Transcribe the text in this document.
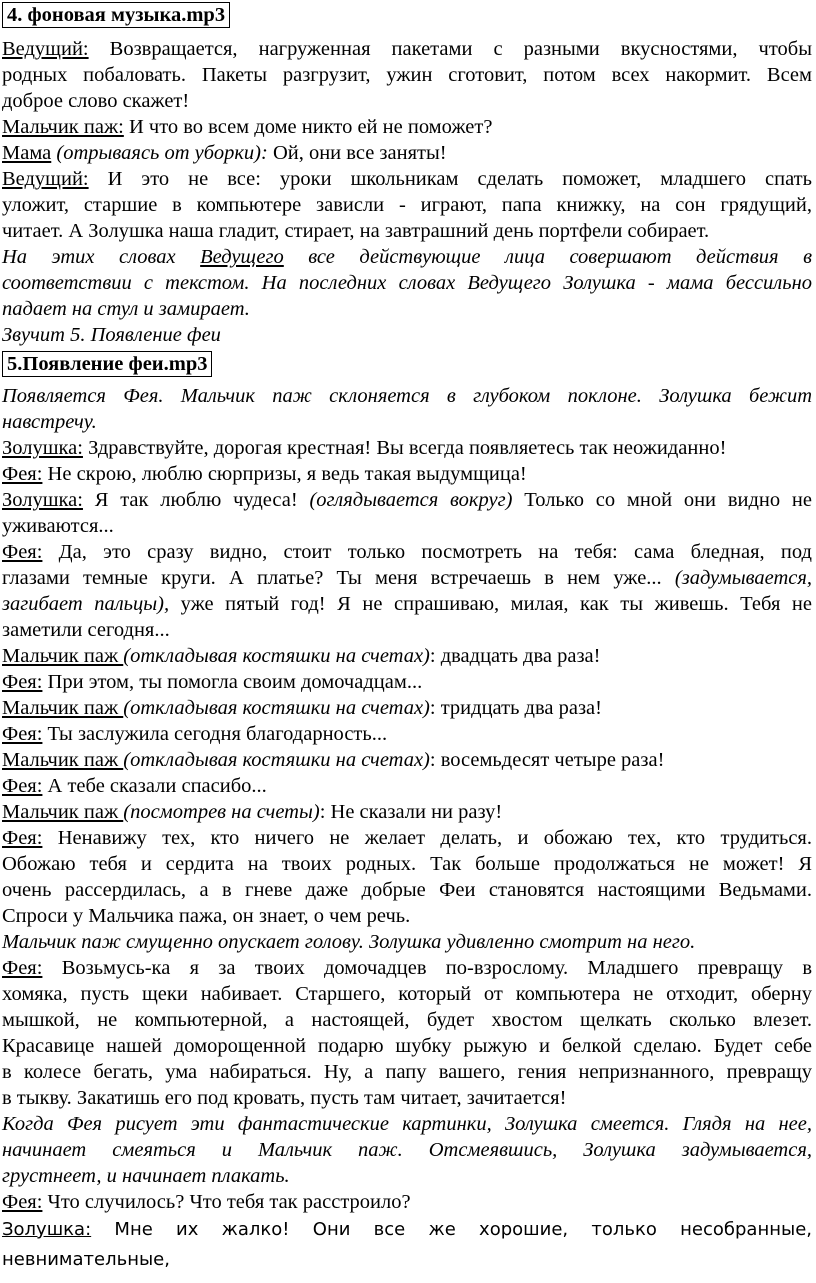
4. фоновая музыка.mp3
Ведущий: Возвращается, нагруженная пакетами с разными вкусностями, чтобы
родных побаловать. Пакеты разгрузит, ужин сготовит, потом всех накормит. Всем
доброе слово скажет!
Мальчик паж: И что во всем доме никто ей не поможет?
Мама (отрываясь от уборки): Ой, они все заняты!
Ведущий: И это не все: уроки школьникам сделать поможет, младшего спать
уложит, старшие в компьютере зависли - играют, папа книжку, на сон грядущий,
читает. А Золушка наша гладит, стирает, на завтрашний день портфели собирает.
На этих словах Ведущего все действующие лица совершают действия в
соответствии с текстом. На последних словах Ведущего Золушка - мама бессильно
падает на стул и замирает.
Звучит 5. Появление феи
5.Появление феи.mp3
Появляется Фея. Мальчик паж склоняется в глубоком поклоне. Золушка бежит
навстречу.
Золушка: Здравствуйте, дорогая крестная! Вы всегда появляетесь так неожиданно!
Фея: Не скрою, люблю сюрпризы, я ведь такая выдумщица!
Золушка: Я так люблю чудеса! (оглядывается вокруг) Только со мной они видно не
уживаются...
Фея: Да, это сразу видно, стоит только посмотреть на тебя: сама бледная, под
глазами темные круги. А платье? Ты меня встречаешь в нем уже... (задумывается,
загибает пальцы), уже пятый год! Я не спрашиваю, милая, как ты живешь. Тебя не
заметили сегодня...
Мальчик паж (откладывая костяшки на счетах): двадцать два раза!
Фея: При этом, ты помогла своим домочадцам...
Мальчик паж (откладывая костяшки на счетах): тридцать два раза!
Фея: Ты заслужила сегодня благодарность...
Мальчик паж (откладывая костяшки на счетах): восемьдесят четыре раза!
Фея: А тебе сказали спасибо...
Мальчик паж (посмотрев на счеты): Не сказали ни разу!
Фея: Ненавижу тех, кто ничего не желает делать, и обожаю тех, кто трудиться.
Обожаю тебя и сердита на твоих родных. Так больше продолжаться не может! Я
очень рассердилась, а в гневе даже добрые Феи становятся настоящими Ведьмами.
Спроси у Мальчика пажа, он знает, о чем речь.
Мальчик паж смущенно опускает голову. Золушка удивленно смотрит на него.
Фея: Возьмусь-ка я за твоих домочадцев по-взрослому. Младшего превращу в
хомяка, пусть щеки набивает. Старшего, который от компьютера не отходит, оберну
мышкой, не компьютерной, а настоящей, будет хвостом щелкать сколько влезет.
Красавице нашей доморощенной подарю шубку рыжую и белкой сделаю. Будет себе
в колесе бегать, ума набираться. Ну, а папу вашего, гения непризнанного, превращу
в тыкву. Закатишь его под кровать, пусть там читает, зачитается!
Когда Фея рисует эти фантастические картинки, Золушка смеется. Глядя на нее,
начинает смеяться и Мальчик паж. Отсмеявшись, Золушка задумывается,
грустнеет, и начинает плакать.
Фея: Что случилось? Что тебя так расстроило?
Золушка: Мне их жалко! Они все же хорошие, только несобранные,
невнимательные,
